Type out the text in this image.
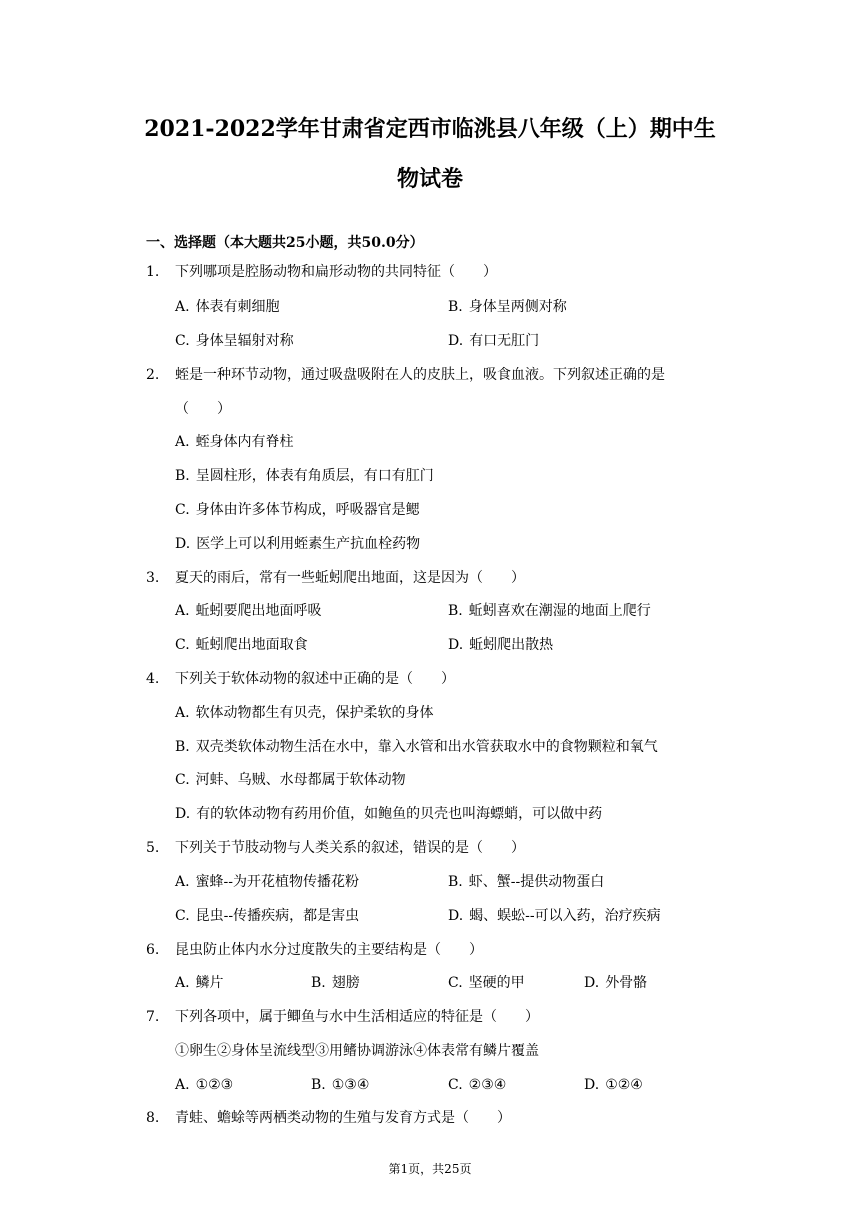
2021-2022学年甘肃省定西市临洮县八年级（上）期中生
物试卷
一、选择题（本大题共25小题，共50.0分）
1. 下列哪项是腔肠动物和扁形动物的共同特征（　　）
A. 体表有刺细胞	B. 身体呈两侧对称
C. 身体呈辐射对称	D. 有口无肛门
2. 蛭是一种环节动物，通过吸盘吸附在人的皮肤上，吸食血液。下列叙述正确的是
（　　）
A. 蛭身体内有脊柱
B. 呈圆柱形，体表有角质层，有口有肛门
C. 身体由许多体节构成，呼吸器官是鳃
D. 医学上可以利用蛭素生产抗血栓药物
3. 夏天的雨后，常有一些蚯蚓爬出地面，这是因为（　　）
A. 蚯蚓要爬出地面呼吸	B. 蚯蚓喜欢在潮湿的地面上爬行
C. 蚯蚓爬出地面取食	D. 蚯蚓爬出散热
4. 下列关于软体动物的叙述中正确的是（　　）
A. 软体动物都生有贝壳，保护柔软的身体
B. 双壳类软体动物生活在水中，靠入水管和出水管获取水中的食物颗粒和氧气
C. 河蚌、乌贼、水母都属于软体动物
D. 有的软体动物有药用价值，如鲍鱼的贝壳也叫海螵蛸，可以做中药
5. 下列关于节肢动物与人类关系的叙述，错误的是（　　）
A. 蜜蜂--为开花植物传播花粉	B. 虾、蟹--提供动物蛋白
C. 昆虫--传播疾病，都是害虫	D. 蝎、蜈蚣--可以入药，治疗疾病
6. 昆虫防止体内水分过度散失的主要结构是（　　）
A. 鳞片	B. 翅膀	C. 坚硬的甲	D. 外骨骼
7. 下列各项中，属于鲫鱼与水中生活相适应的特征是（　　）
①卵生②身体呈流线型③用鳍协调游泳④体表常有鳞片覆盖
A. ①②③	B. ①③④	C. ②③④	D. ①②④
8. 青蛙、蟾蜍等两栖类动物的生殖与发育方式是（　　）
第1页，共25页
